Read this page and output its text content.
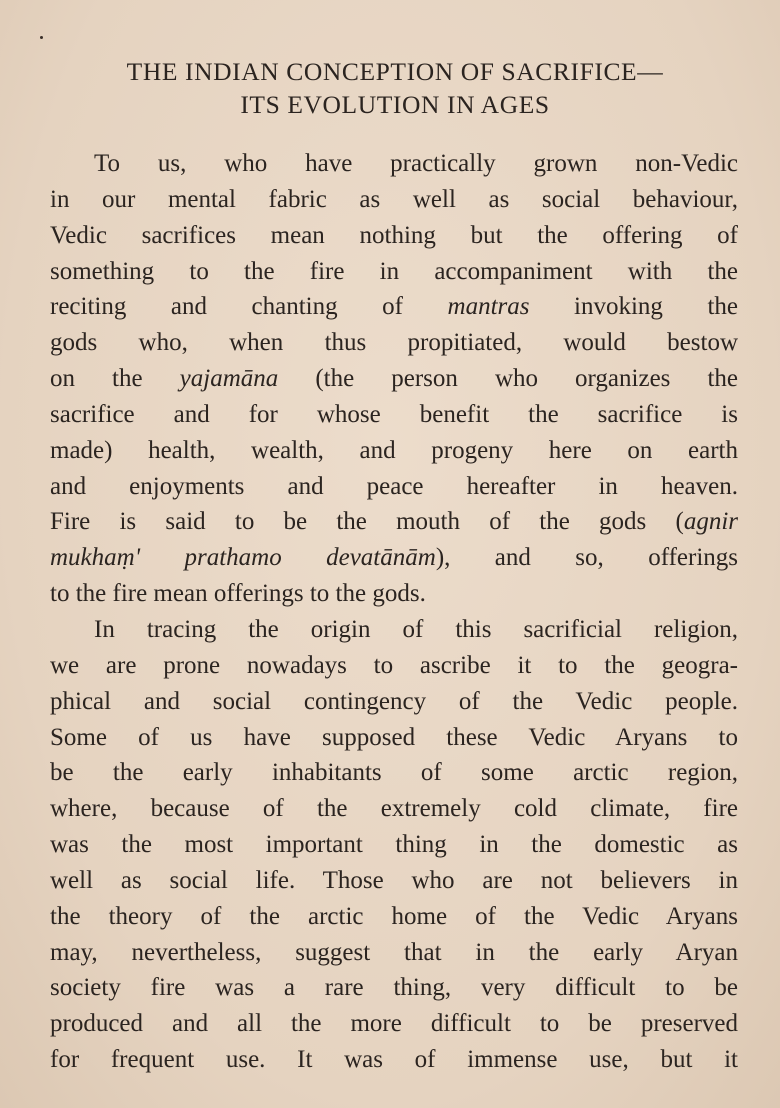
THE INDIAN CONCEPTION OF SACRIFICE—
ITS EVOLUTION IN AGES
To us, who have practically grown non-Vedic
in our mental fabric as well as social behaviour,
Vedic sacrifices mean nothing but the offering of
something to the fire in accompaniment with the
reciting and chanting of mantras invoking the
gods who, when thus propitiated, would bestow
on the yajamāna (the person who organizes the
sacrifice and for whose benefit the sacrifice is
made) health, wealth, and progeny here on earth
and enjoyments and peace hereafter in heaven.
Fire is said to be the mouth of the gods (agnir
mukhaṃ' prathamo devatānām), and so, offerings
to the fire mean offerings to the gods.
In tracing the origin of this sacrificial religion,
we are prone nowadays to ascribe it to the geogra-
phical and social contingency of the Vedic people.
Some of us have supposed these Vedic Aryans to
be the early inhabitants of some arctic region,
where, because of the extremely cold climate, fire
was the most important thing in the domestic as
well as social life. Those who are not believers in
the theory of the arctic home of the Vedic Aryans
may, nevertheless, suggest that in the early Aryan
society fire was a rare thing, very difficult to be
produced and all the more difficult to be preserved
for frequent use. It was of immense use, but it
